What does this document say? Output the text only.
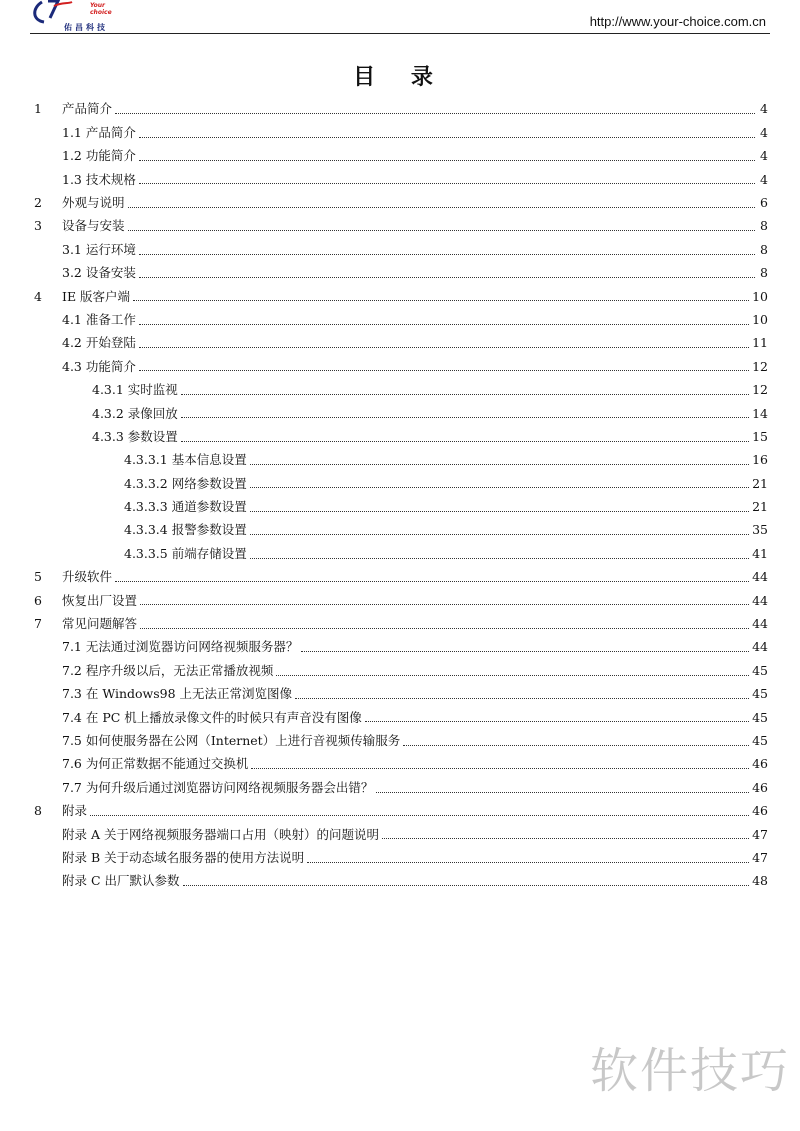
Your choice
佑昌科技	http://www.your-choice.com.cn
目 录
1 产品简介	4
1.1 产品简介	4
1.2 功能简介	4
1.3 技术规格	4
2 外观与说明	6
3 设备与安装	8
3.1 运行环境	8
3.2 设备安装	8
4 IE 版客户端	10
4.1 准备工作	10
4.2 开始登陆	11
4.3 功能简介	12
4.3.1 实时监视	12
4.3.2 录像回放	14
4.3.3 参数设置	15
4.3.3.1 基本信息设置	16
4.3.3.2 网络参数设置	21
4.3.3.3 通道参数设置	21
4.3.3.4 报警参数设置	35
4.3.3.5 前端存储设置	41
5 升级软件	44
6 恢复出厂设置	44
7 常见问题解答	44
7.1 无法通过浏览器访问网络视频服务器？	44
7.2 程序升级以后，无法正常播放视频	45
7.3 在 Windows98 上无法正常浏览图像	45
7.4 在 PC 机上播放录像文件的时候只有声音没有图像	45
7.5 如何使服务器在公网（Internet）上进行音视频传输服务	45
7.6 为何正常数据不能通过交换机	46
7.7 为何升级后通过浏览器访问网络视频服务器会出错？	46
8 附录	46
附录 A 关于网络视频服务器端口占用（映射）的问题说明	47
附录 B 关于动态域名服务器的使用方法说明	47
附录 C 出厂默认参数	48
软件技巧
